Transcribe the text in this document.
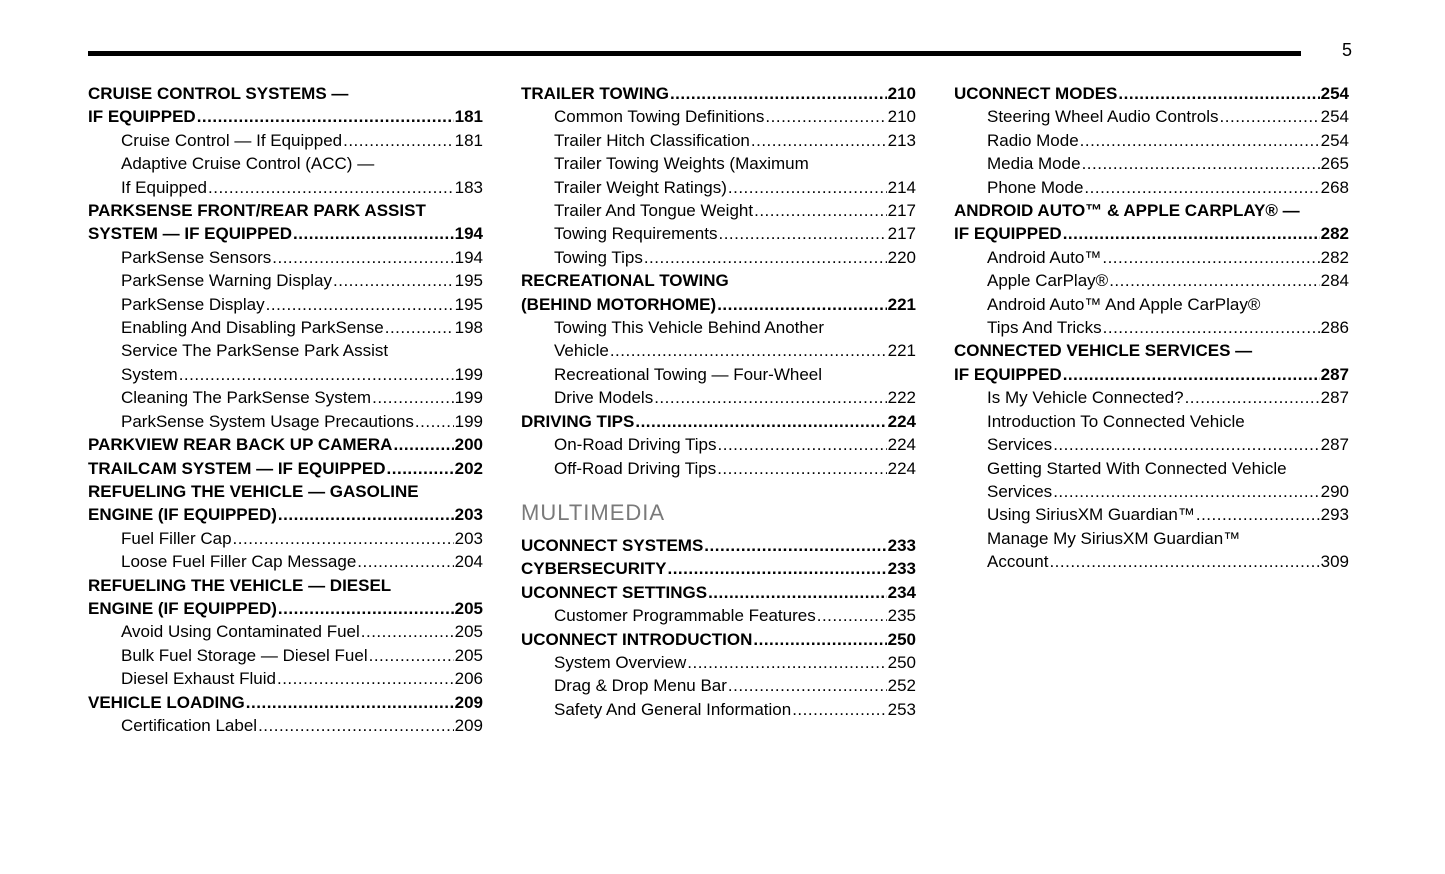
5
CRUISE CONTROL SYSTEMS —
IF EQUIPPED .....	181
Cruise Control — If Equipped .....	181
Adaptive Cruise Control (ACC) —
If Equipped .....	183
PARKSENSE FRONT/REAR PARK ASSIST
SYSTEM — IF EQUIPPED .....	194
ParkSense Sensors .....	194
ParkSense Warning Display .....	195
ParkSense Display .....	195
Enabling And Disabling ParkSense .....	198
Service The ParkSense Park Assist
System .....	199
Cleaning The ParkSense System .....	199
ParkSense System Usage Precautions ..... 199
PARKVIEW REAR BACK UP CAMERA .....	200
TRAILCAM SYSTEM — IF EQUIPPED .....	202
REFUELING THE VEHICLE — GASOLINE
ENGINE (IF EQUIPPED) .....	203
Fuel Filler Cap .....	203
Loose Fuel Filler Cap Message .....	204
REFUELING THE VEHICLE — DIESEL
ENGINE (IF EQUIPPED) .....	205
Avoid Using Contaminated Fuel .....	205
Bulk Fuel Storage — Diesel Fuel .....	205
Diesel Exhaust Fluid .....	206
VEHICLE LOADING .....	209
Certification Label .....	209
TRAILER TOWING .....	210
Common Towing Definitions .....	210
Trailer Hitch Classification .....	213
Trailer Towing Weights (Maximum
Trailer Weight Ratings) .....	214
Trailer And Tongue Weight .....	217
Towing Requirements .....	217
Towing Tips .....	220
RECREATIONAL TOWING
(BEHIND MOTORHOME) .....	221
Towing This Vehicle Behind Another
Vehicle .....	221
Recreational Towing — Four-Wheel
Drive Models .....	222
DRIVING TIPS .....	224
On-Road Driving Tips .....	224
Off-Road Driving Tips .....	224
MULTIMEDIA
UCONNECT SYSTEMS .....	233
CYBERSECURITY .....	233
UCONNECT SETTINGS .....	234
Customer Programmable Features .....	235
UCONNECT INTRODUCTION .....	250
System Overview .....	250
Drag & Drop Menu Bar .....	252
Safety And General Information .....	253
UCONNECT MODES .....	254
Steering Wheel Audio Controls .....	254
Radio Mode .....	254
Media Mode .....	265
Phone Mode .....	268
ANDROID AUTO™ & APPLE CARPLAY® —
IF EQUIPPED .....	282
Android Auto™ .....	282
Apple CarPlay® .....	284
Android Auto™ And Apple CarPlay®
Tips And Tricks .....	286
CONNECTED VEHICLE SERVICES —
IF EQUIPPED .....	287
Is My Vehicle Connected? .....	287
Introduction To Connected Vehicle
Services .....	287
Getting Started With Connected Vehicle
Services .....	290
Using SiriusXM Guardian™ .....	293
Manage My SiriusXM Guardian™
Account .....	309
